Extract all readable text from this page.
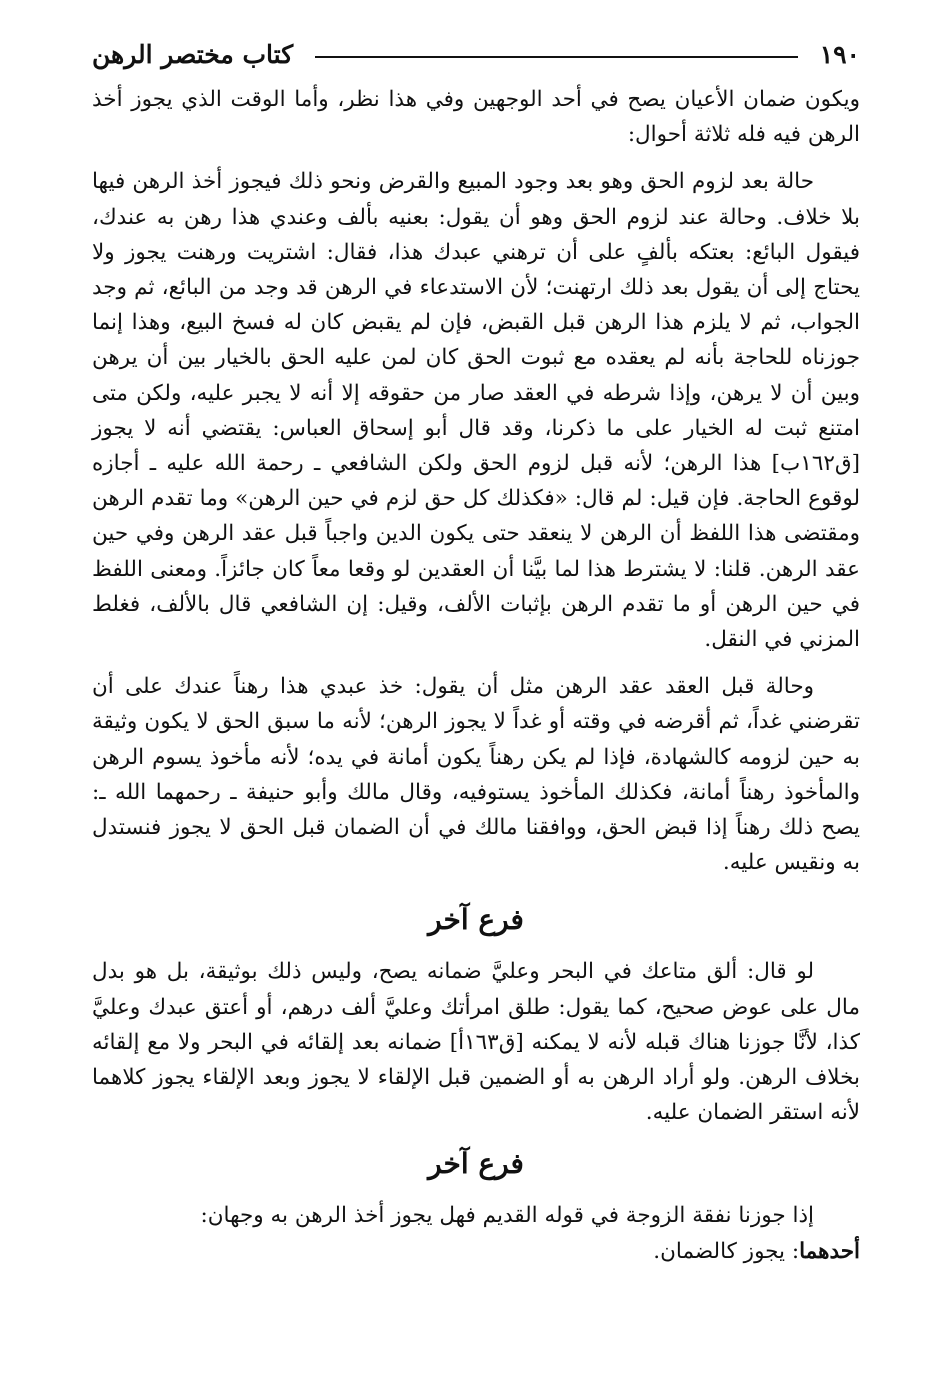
١٩٠
كتاب مختصر الرهن

ويكون ضمان الأعيان يصح في أحد الوجهين وفي هذا نظر، وأما الوقت الذي يجوز أخذ الرهن فيه فله ثلاثة أحوال:

حالة بعد لزوم الحق وهو بعد وجود المبيع والقرض ونحو ذلك فيجوز أخذ الرهن فيها بلا خلاف. وحالة عند لزوم الحق وهو أن يقول: بعنيه بألف وعندي هذا رهن به عندك، فيقول البائع: بعتكه بألفٍ على أن ترهني عبدك هذا، فقال: اشتريت ورهنت يجوز ولا يحتاج إلى أن يقول بعد ذلك ارتهنت؛ لأن الاستدعاء في الرهن قد وجد من البائع، ثم وجد الجواب، ثم لا يلزم هذا الرهن قبل القبض، فإن لم يقبض كان له فسخ البيع، وهذا إنما جوزناه للحاجة بأنه لم يعقده مع ثبوت الحق كان لمن عليه الحق بالخيار بين أن يرهن وبين أن لا يرهن، وإذا شرطه في العقد صار من حقوقه إلا أنه لا يجبر عليه، ولكن متى امتنع ثبت له الخيار على ما ذكرنا، وقد قال أبو إسحاق العباس: يقتضي أنه لا يجوز [ق١٦٢ب] هذا الرهن؛ لأنه قبل لزوم الحق ولكن الشافعي ـ رحمة الله عليه ـ أجازه لوقوع الحاجة. فإن قيل: لم قال: «فكذلك كل حق لزم في حين الرهن» وما تقدم الرهن ومقتضى هذا اللفظ أن الرهن لا ينعقد حتى يكون الدين واجباً قبل عقد الرهن وفي حين عقد الرهن. قلنا: لا يشترط هذا لما بيَّنا أن العقدين لو وقعا معاً كان جائزاً. ومعنى اللفظ في حين الرهن أو ما تقدم الرهن بإثبات الألف، وقيل: إن الشافعي قال بالألف، فغلط المزني في النقل.

وحالة قبل العقد عقد الرهن مثل أن يقول: خذ عبدي هذا رهناً عندك على أن تقرضني غداً، ثم أقرضه في وقته أو غداً لا يجوز الرهن؛ لأنه ما سبق الحق لا يكون وثيقة به حين لزومه كالشهادة، فإذا لم يكن رهناً يكون أمانة في يده؛ لأنه مأخوذ يسوم الرهن والمأخوذ رهناً أمانة، فكذلك المأخوذ يستوفيه، وقال مالك وأبو حنيفة ـ رحمهما الله ـ: يصح ذلك رهناً إذا قبض الحق، ووافقنا مالك في أن الضمان قبل الحق لا يجوز فنستدل به ونقيس عليه.

فرع آخر

لو قال: ألق متاعك في البحر وعليَّ ضمانه يصح، وليس ذلك بوثيقة، بل هو بدل مال على عوض صحيح، كما يقول: طلق امرأتك وعليَّ ألف درهم، أو أعتق عبدك وعليَّ كذا، لأنَّا جوزنا هناك قبله لأنه لا يمكنه [ق١٦٣أ] ضمانه بعد إلقائه في البحر ولا مع إلقائه بخلاف الرهن. ولو أراد الرهن به أو الضمين قبل الإلقاء لا يجوز وبعد الإلقاء يجوز كلاهما لأنه استقر الضمان عليه.

فرع آخر

إذا جوزنا نفقة الزوجة في قوله القديم فهل يجوز أخذ الرهن به وجهان:

أحدهما: يجوز كالضمان.
